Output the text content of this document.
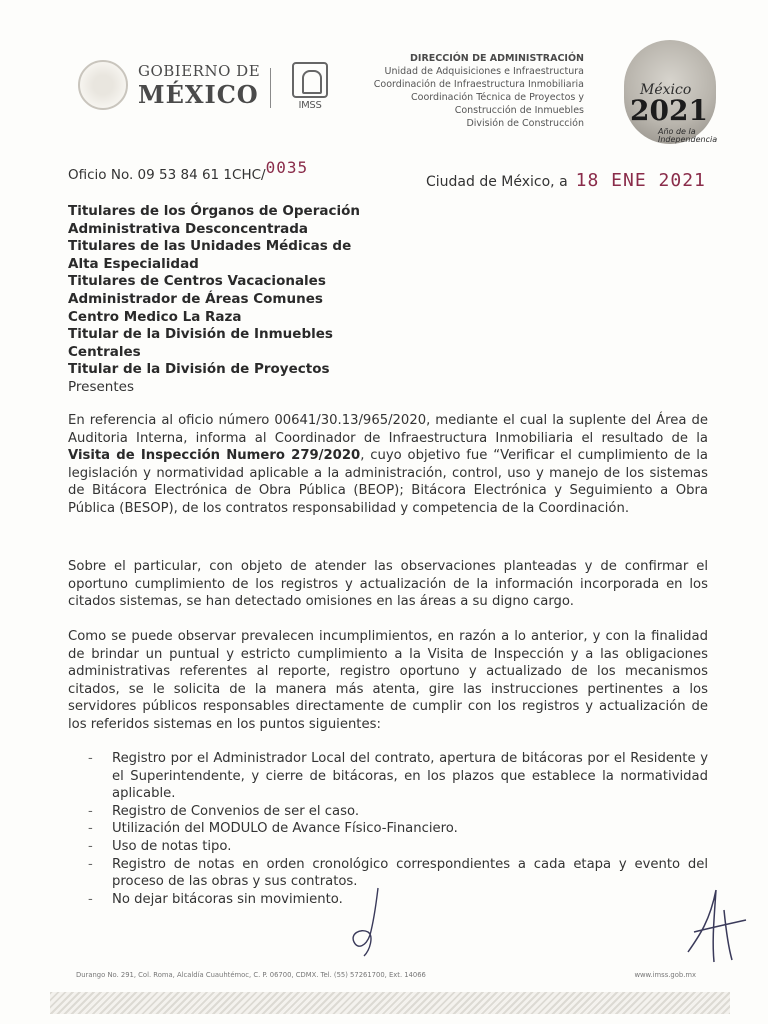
GOBIERNO DE
MÉXICO	IMSS
DIRECCIÓN DE ADMINISTRACIÓN
Unidad de Adquisiciones e Infraestructura
Coordinación de Infraestructura Inmobiliaria
Coordinación Técnica de Proyectos y
Construcción de Inmuebles
División de Construcción
México
2021
Año de la Independencia
Oficio No. 09 53 84 61 1CHC/0035
Ciudad de México, a 18 ENE 2021
Titulares de los Órganos de Operación
Administrativa Desconcentrada
Titulares de las Unidades Médicas de
Alta Especialidad
Titulares de Centros Vacacionales
Administrador de Áreas Comunes
Centro Medico La Raza
Titular de la División de Inmuebles
Centrales
Titular de la División de Proyectos
Presentes
En referencia al oficio número 00641/30.13/965/2020, mediante el cual la suplente del Área de Auditoria Interna, informa al Coordinador de Infraestructura Inmobiliaria el resultado de la Visita de Inspección Numero 279/2020, cuyo objetivo fue “Verificar el cumplimiento de la legislación y normatividad aplicable a la administración, control, uso y manejo de los sistemas de Bitácora Electrónica de Obra Pública (BEOP); Bitácora Electrónica y Seguimiento a Obra Pública (BESOP), de los contratos responsabilidad y competencia de la Coordinación.
Sobre el particular, con objeto de atender las observaciones planteadas y de confirmar el oportuno cumplimiento de los registros y actualización de la información incorporada en los citados sistemas, se han detectado omisiones en las áreas a su digno cargo.
Como se puede observar prevalecen incumplimientos, en razón a lo anterior, y con la finalidad de brindar un puntual y estricto cumplimiento a la Visita de Inspección y a las obligaciones administrativas referentes al reporte, registro oportuno y actualizado de los mecanismos citados, se le solicita de la manera más atenta, gire las instrucciones pertinentes a los servidores públicos responsables directamente de cumplir con los registros y actualización de los referidos sistemas en los puntos siguientes:
- Registro por el Administrador Local del contrato, apertura de bitácoras por el Residente y el Superintendente, y cierre de bitácoras, en los plazos que establece la normatividad aplicable.
- Registro de Convenios de ser el caso.
- Utilización del MODULO de Avance Físico-Financiero.
- Uso de notas tipo.
- Registro de notas en orden cronológico correspondientes a cada etapa y evento del proceso de las obras y sus contratos.
- No dejar bitácoras sin movimiento.
Durango No. 291, Col. Roma, Alcaldía Cuauhtémoc, C. P. 06700, CDMX. Tel. (55) 57261700, Ext. 14066	www.imss.gob.mx
